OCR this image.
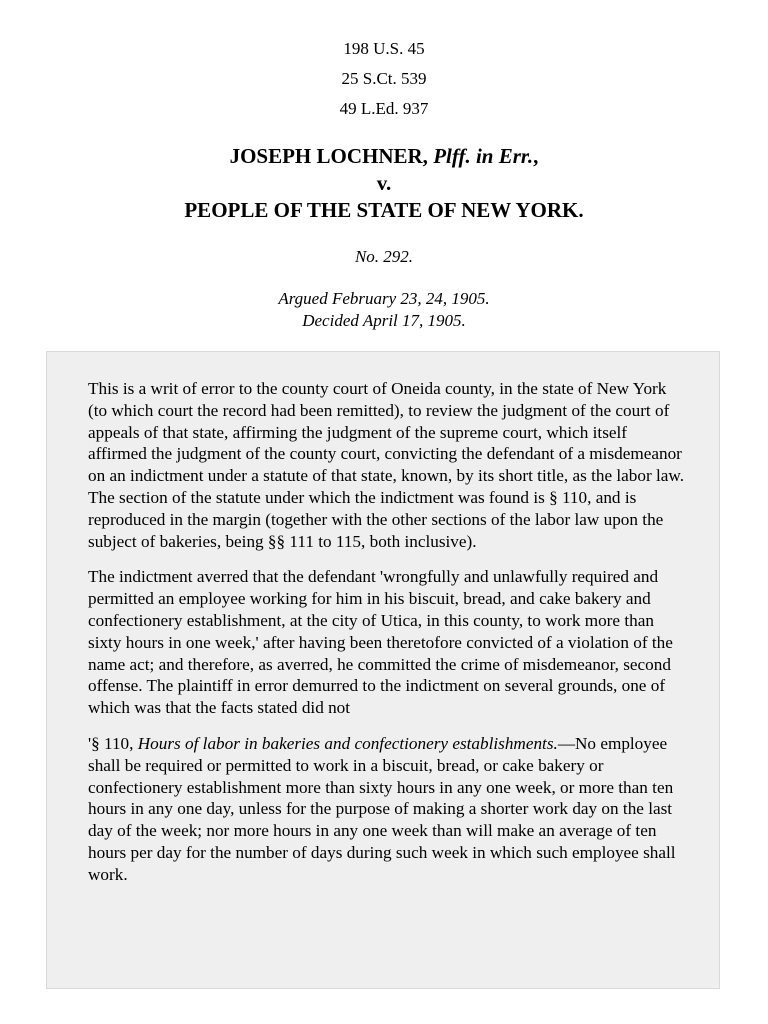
198 U.S. 45
25 S.Ct. 539
49 L.Ed. 937
JOSEPH LOCHNER, Plff. in Err.,
v.
PEOPLE OF THE STATE OF NEW YORK.
No. 292.
Argued February 23, 24, 1905.
Decided April 17, 1905.

This is a writ of error to the county court of Oneida county, in the state of New York (to which court the record had been remitted), to review the judgment of the court of appeals of that state, affirming the judgment of the supreme court, which itself affirmed the judgment of the county court, convicting the defendant of a misdemeanor on an indictment under a statute of that state, known, by its short title, as the labor law. The section of the statute under which the indictment was found is § 110, and is reproduced in the margin (together with the other sections of the labor law upon the subject of bakeries, being §§ 111 to 115, both inclusive).

The indictment averred that the defendant 'wrongfully and unlawfully required and permitted an employee working for him in his biscuit, bread, and cake bakery and confectionery establishment, at the city of Utica, in this county, to work more than sixty hours in one week,' after having been theretofore convicted of a violation of the name act; and therefore, as averred, he committed the crime of misdemeanor, second offense. The plaintiff in error demurred to the indictment on several grounds, one of which was that the facts stated did not

'§ 110, Hours of labor in bakeries and confectionery establishments.—No employee shall be required or permitted to work in a biscuit, bread, or cake bakery or confectionery establishment more than sixty hours in any one week, or more than ten hours in any one day, unless for the purpose of making a shorter work day on the last day of the week; nor more hours in any one week than will make an average of ten hours per day for the number of days during such week in which such employee shall work.
